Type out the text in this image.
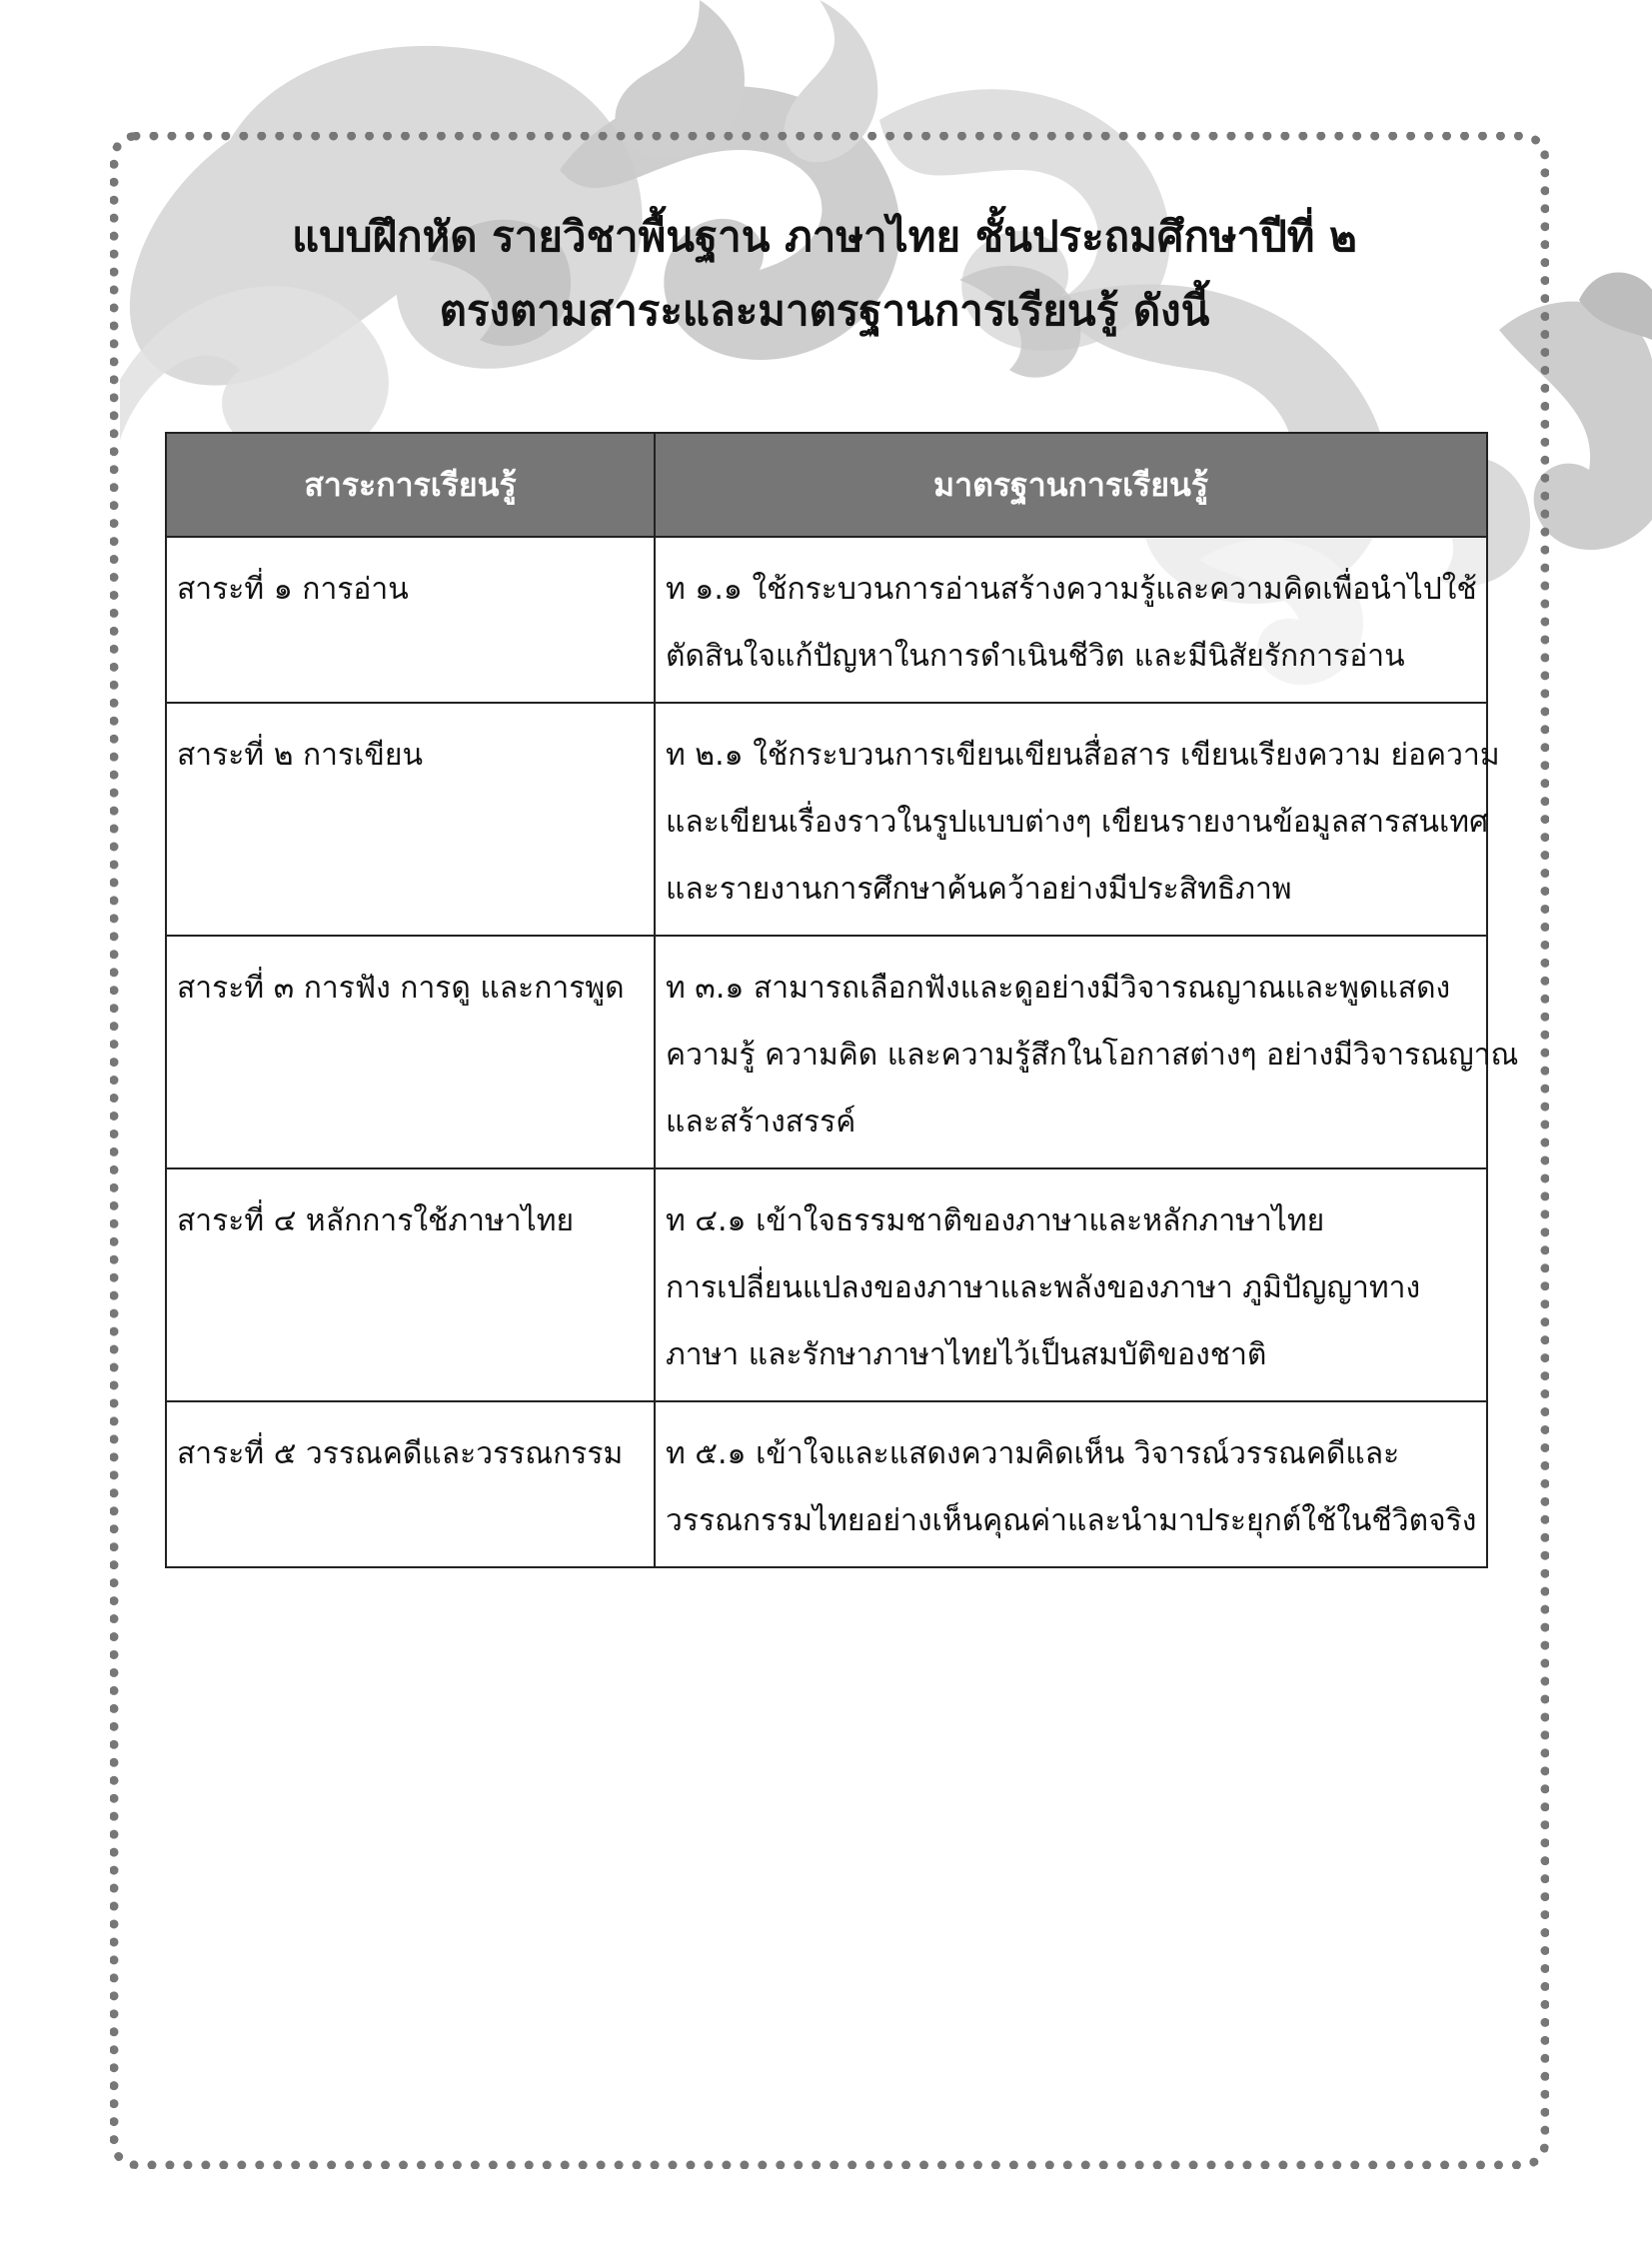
แบบฝึกหัด รายวิชาพื้นฐาน ภาษาไทย ชั้นประถมศึกษาปีที่ ๒
ตรงตามสาระและมาตรฐานการเรียนรู้ ดังนี้
สาระการเรียนรู้	มาตรฐานการเรียนรู้
สาระที่ ๑ การอ่าน	ท ๑.๑ ใช้กระบวนการอ่านสร้างความรู้และความคิดเพื่อนำไปใช้
ตัดสินใจแก้ปัญหาในการดำเนินชีวิต และมีนิสัยรักการอ่าน

สาระที่ ๒ การเขียน	ท ๒.๑ ใช้กระบวนการเขียนเขียนสื่อสาร เขียนเรียงความ ย่อความ
และเขียนเรื่องราวในรูปแบบต่างๆ เขียนรายงานข้อมูลสารสนเทศ
และรายงานการศึกษาค้นคว้าอย่างมีประสิทธิภาพ

สาระที่ ๓ การฟัง การดู และการพูด	ท ๓.๑ สามารถเลือกฟังและดูอย่างมีวิจารณญาณและพูดแสดง
ความรู้ ความคิด และความรู้สึกในโอกาสต่างๆ อย่างมีวิจารณญาณ
และสร้างสรรค์

สาระที่ ๔ หลักการใช้ภาษาไทย	ท ๔.๑ เข้าใจธรรมชาติของภาษาและหลักภาษาไทย
การเปลี่ยนแปลงของภาษาและพลังของภาษา ภูมิปัญญาทาง
ภาษา และรักษาภาษาไทยไว้เป็นสมบัติของชาติ

สาระที่ ๕ วรรณคดีและวรรณกรรม	ท ๕.๑ เข้าใจและแสดงความคิดเห็น วิจารณ์วรรณคดีและ
วรรณกรรมไทยอย่างเห็นคุณค่าและนำมาประยุกต์ใช้ในชีวิตจริง
